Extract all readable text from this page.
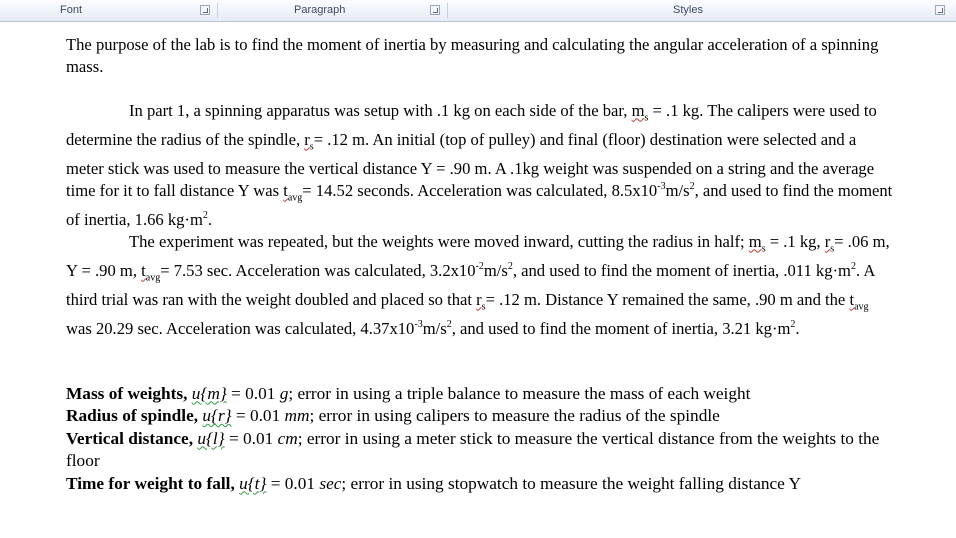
Font	Paragraph	Styles

The purpose of the lab is to find the moment of inertia by measuring and calculating the angular acceleration of a spinning mass.

In part 1, a spinning apparatus was setup with .1 kg on each side of the bar, $m_s = .1$ kg. The calipers were used to determine the radius of the spindle, $r_s= .12$ m. An initial (top of pulley) and final (floor) destination were selected and a meter stick was used to measure the vertical distance Y = .90 m. A .1kg weight was suspended on a string and the average time for it to fall distance Y was $t_{avg}= 14.52$ seconds. Acceleration was calculated, $8.5x10^{-3}m/s^2$, and used to find the moment of inertia, 1.66 $kg\cdot m^2$.

The experiment was repeated, but the weights were moved inward, cutting the radius in half; $m_s = .1$ kg, $r_s= .06$ m, Y = .90 m, $t_{avg}= 7.53$ sec. Acceleration was calculated, $3.2x10^{-2}m/s^2$, and used to find the moment of inertia, .011 $kg\cdot m^2$. A third trial was ran with the weight doubled and placed so that $r_s= .12$ m. Distance Y remained the same, .90 m and the $t_{avg}$ was 20.29 sec. Acceleration was calculated, $4.37x10^{-3}m/s^2$, and used to find the moment of inertia, 3.21 $kg\cdot m^2$.

Mass of weights, u{m} = 0.01 g; error in using a triple balance to measure the mass of each weight

Radius of spindle, u{r} = 0.01 mm; error in using calipers to measure the radius of the spindle

Vertical distance, u{l} = 0.01 cm; error in using a meter stick to measure the vertical distance from the weights to the floor

Time for weight to fall, u{t} = 0.01 sec; error in using stopwatch to measure the weight falling distance Y
